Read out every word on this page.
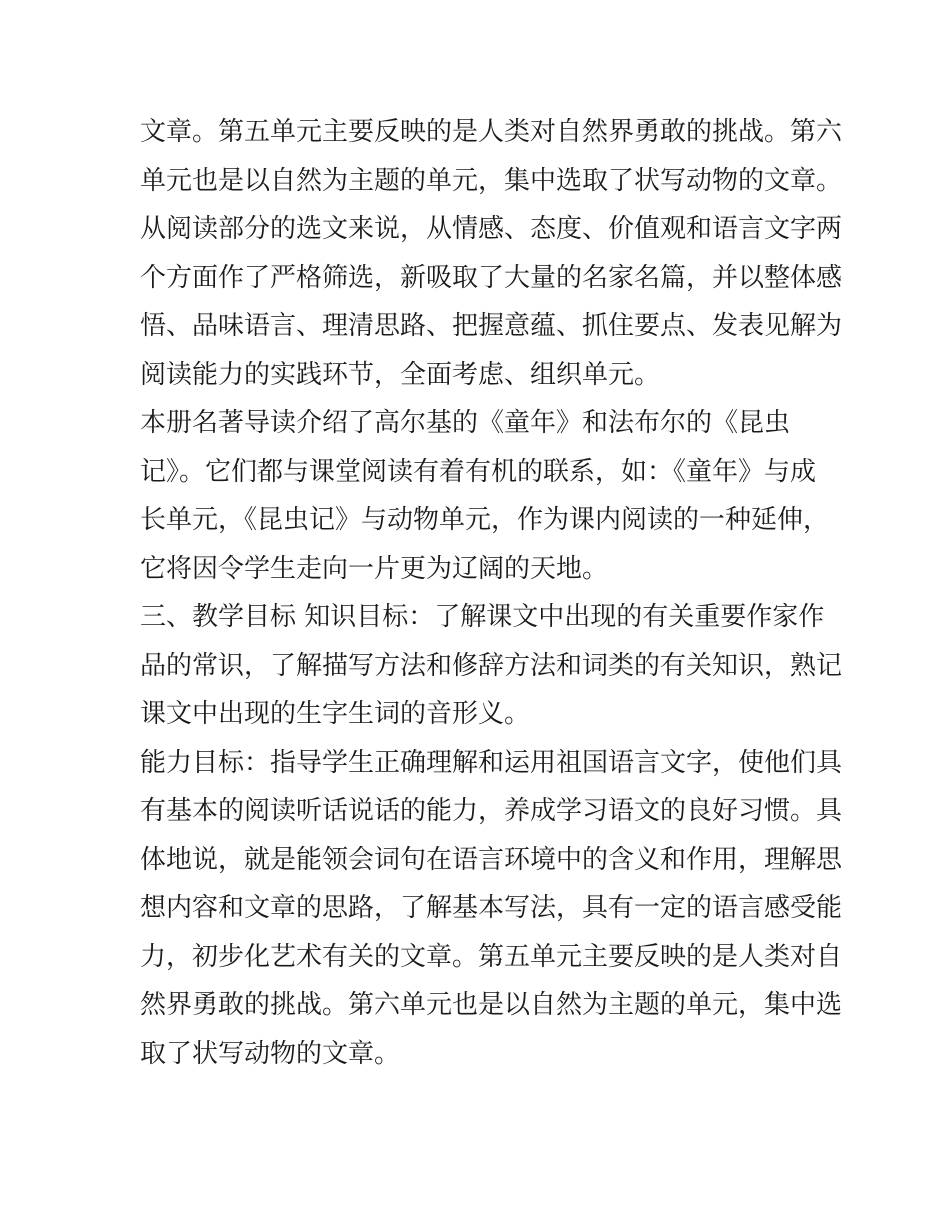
文章。第五单元主要反映的是人类对自然界勇敢的挑战。第六
单元也是以自然为主题的单元，集中选取了状写动物的文章。
从阅读部分的选文来说，从情感、态度、价值观和语言文字两
个方面作了严格筛选，新吸取了大量的名家名篇，并以整体感
悟、品味语言、理清思路、把握意蕴、抓住要点、发表见解为
阅读能力的实践环节，全面考虑、组织单元。
本册名著导读介绍了高尔基的《童年》和法布尔的《昆虫
记》。它们都与课堂阅读有着有机的联系，如：《童年》与成
长单元，《昆虫记》与动物单元，作为课内阅读的一种延伸，
它将因令学生走向一片更为辽阔的天地。
三、教学目标 知识目标：了解课文中出现的有关重要作家作
品的常识，了解描写方法和修辞方法和词类的有关知识，熟记
课文中出现的生字生词的音形义。
能力目标：指导学生正确理解和运用祖国语言文字，使他们具
有基本的阅读听话说话的能力，养成学习语文的良好习惯。具
体地说，就是能领会词句在语言环境中的含义和作用，理解思
想内容和文章的思路，了解基本写法，具有一定的语言感受能
力，初步化艺术有关的文章。第五单元主要反映的是人类对自
然界勇敢的挑战。第六单元也是以自然为主题的单元，集中选
取了状写动物的文章。
